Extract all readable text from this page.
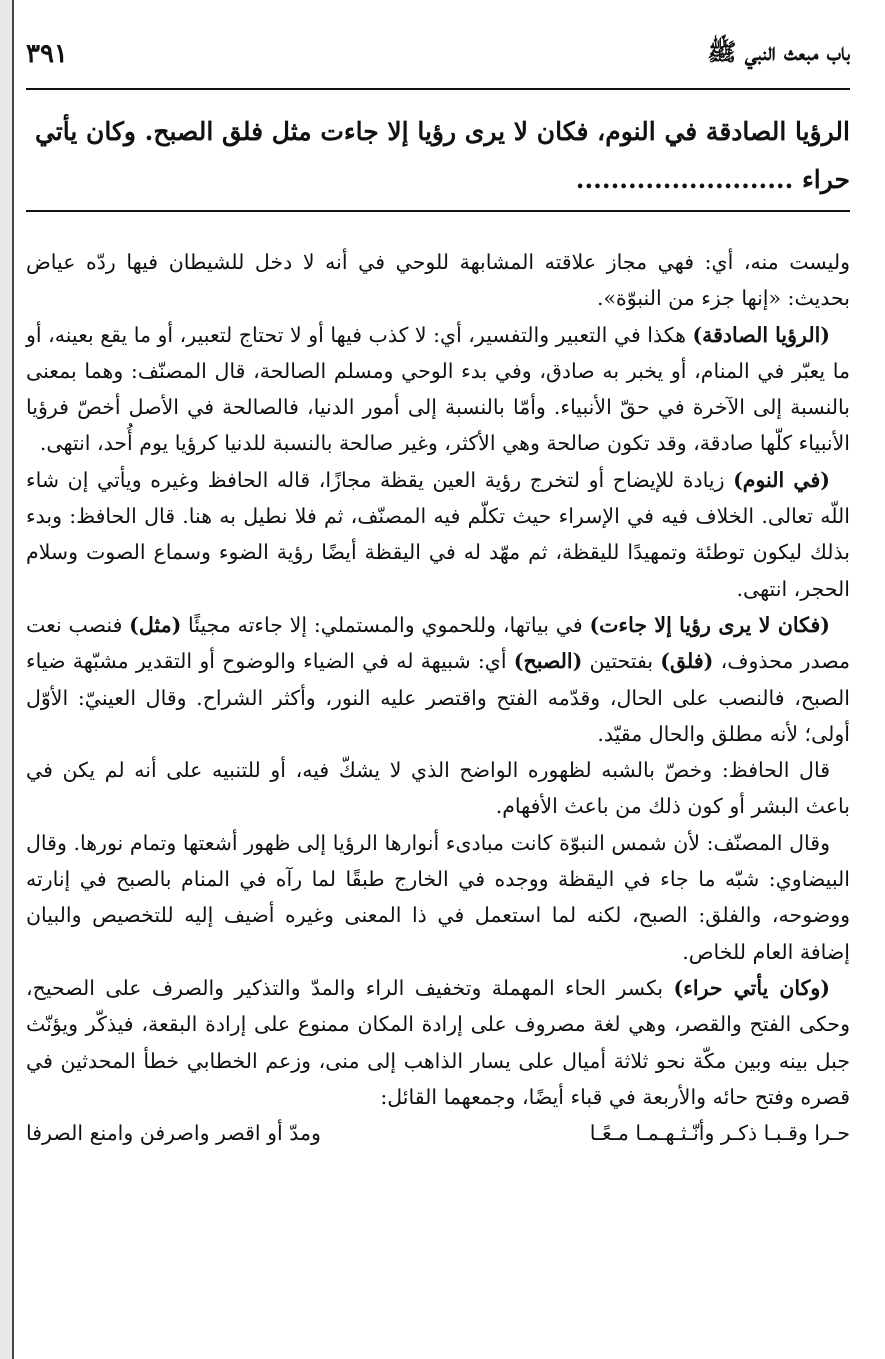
باب مبعث النبي ﷺ
٣٩١
الرؤيا الصادقة في النوم، فكان لا يرى رؤيا إلا جاءت مثل فلق الصبح. وكان يأتي
حراء .........................

وليست منه، أي: فهي مجاز علاقته المشابهة للوحي في أنه لا دخل للشيطان فيها ردّه عياض بحديث: «إنها جزء من النبوّة».

(الرؤيا الصادقة) هكذا في التعبير والتفسير، أي: لا كذب فيها أو لا تحتاج لتعبير، أو ما يقع بعينه، أو ما يعبّر في المنام، أو يخبر به صادق، وفي بدء الوحي ومسلم الصالحة، قال المصنّف: وهما بمعنى بالنسبة إلى الآخرة في حقّ الأنبياء. وأمّا بالنسبة إلى أمور الدنيا، فالصالحة في الأصل أخصّ فرؤيا الأنبياء كلّها صادقة، وقد تكون صالحة وهي الأكثر، وغير صالحة بالنسبة للدنيا كرؤيا يوم أُحد، انتهى.

(في النوم) زيادة للإيضاح أو لتخرج رؤية العين يقظة مجازًا، قاله الحافظ وغيره ويأتي إن شاء اللّه تعالى. الخلاف فيه في الإسراء حيث تكلّم فيه المصنّف، ثم فلا نطيل به هنا. قال الحافظ: وبدء بذلك ليكون توطئة وتمهيدًا لليقظة، ثم مهّد له في اليقظة أيضًا رؤية الضوء وسماع الصوت وسلام الحجر، انتهى.

(فكان لا يرى رؤيا إلا جاءت) في بياتها، وللحموي والمستملي: إلا جاءته مجيئًا (مثل) فنصب نعت مصدر محذوف، (فلق) بفتحتين (الصبح) أي: شبيهة له في الضياء والوضوح أو التقدير مشبّهة ضياء الصبح، فالنصب على الحال، وقدّمه الفتح واقتصر عليه النور، وأكثر الشراح. وقال العينيّ: الأوّل أولى؛ لأنه مطلق والحال مقيّد.

قال الحافظ: وخصّ بالشبه لظهوره الواضح الذي لا يشكّ فيه، أو للتنبيه على أنه لم يكن في باعث البشر أو كون ذلك من باعث الأفهام.

وقال المصنّف: لأن شمس النبوّة كانت مبادىء أنوارها الرؤيا إلى ظهور أشعتها وتمام نورها. وقال البيضاوي: شبّه ما جاء في اليقظة ووجده في الخارج طبقًا لما رآه في المنام بالصبح في إنارته ووضوحه، والفلق: الصبح، لكنه لما استعمل في ذا المعنى وغيره أضيف إليه للتخصيص والبيان إضافة العام للخاص.

(وكان يأتي حراء) بكسر الحاء المهملة وتخفيف الراء والمدّ والتذكير والصرف على الصحيح، وحكى الفتح والقصر، وهي لغة مصروف على إرادة المكان ممنوع على إرادة البقعة، فيذكّر ويؤنّث جبل بينه وبين مكّة نحو ثلاثة أميال على يسار الذاهب إلى منى، وزعم الخطابي خطأ المحدثين في قصره وفتح حائه والأربعة في قباء أيضًا، وجمعهما القائل:

حـرا وقـبـا ذكـر وأنّـثـهـمـا مـعًـا
ومدّ أو اقصر واصرفن وامنع الصرفا
